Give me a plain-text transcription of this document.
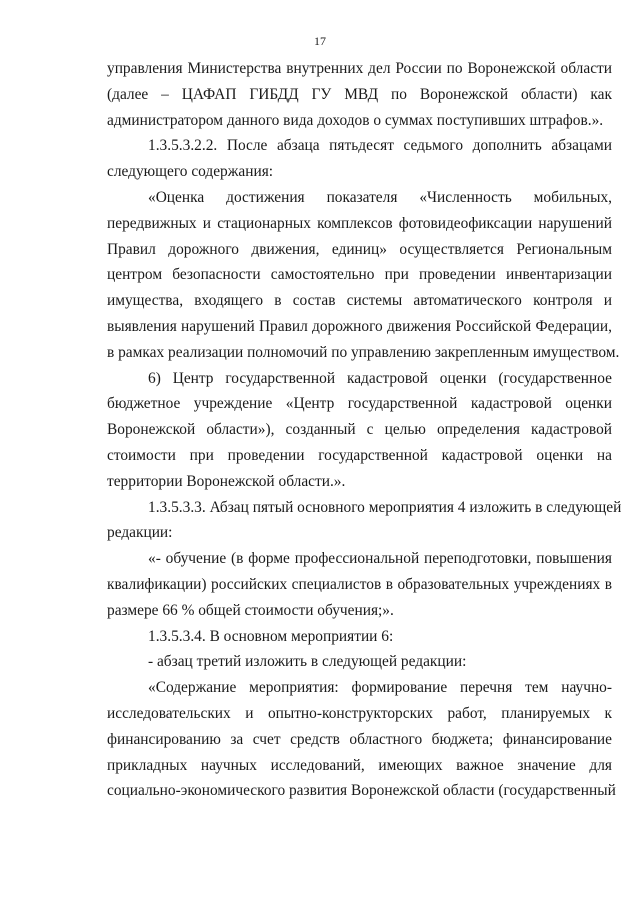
17

управления Министерства внутренних дел России по Воронежской области
(далее – ЦАФАП ГИБДД ГУ МВД по Воронежской области) как
администратором данного вида доходов о суммах поступивших штрафов.».

1.3.5.3.2.2. После абзаца пятьдесят седьмого дополнить абзацами
следующего содержания:

«Оценка достижения показателя «Численность мобильных,
передвижных и стационарных комплексов фотовидеофиксации нарушений
Правил дорожного движения, единиц» осуществляется Региональным
центром безопасности самостоятельно при проведении инвентаризации
имущества, входящего в состав системы автоматического контроля и
выявления нарушений Правил дорожного движения Российской Федерации,
в рамках реализации полномочий по управлению закрепленным имуществом.

6) Центр государственной кадастровой оценки (государственное
бюджетное учреждение «Центр государственной кадастровой оценки
Воронежской области»), созданный с целью определения кадастровой
стоимости при проведении государственной кадастровой оценки на
территории Воронежской области.».

1.3.5.3.3. Абзац пятый основного мероприятия 4 изложить в следующей
редакции:

«- обучение (в форме профессиональной переподготовки, повышения
квалификации) российских специалистов в образовательных учреждениях в
размере 66 % общей стоимости обучения;».

1.3.5.3.4. В основном мероприятии 6:

- абзац третий изложить в следующей редакции:

«Содержание мероприятия: формирование перечня тем научно-
исследовательских и опытно-конструкторских работ, планируемых к
финансированию за счет средств областного бюджета; финансирование
прикладных научных исследований, имеющих важное значение для
социально-экономического развития Воронежской области (государственный
